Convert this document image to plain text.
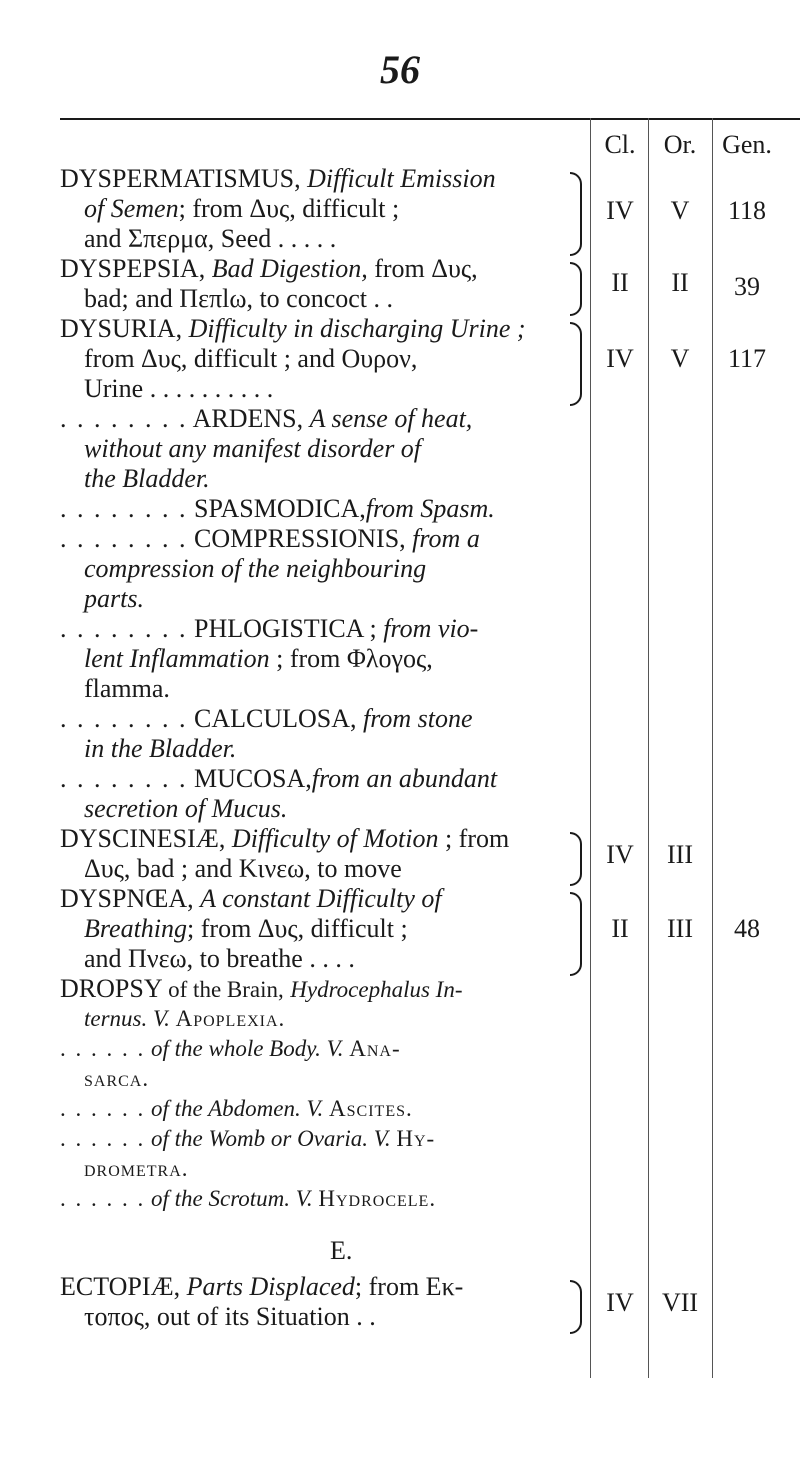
56
Cl.	Or. Gen.
DYSPERMATISMUS, Difficult Emission
of Semen; from Δυς, difficult ;
and Σπερμα, Seed . . . . .
IV	V	118
DYSPEPSIA, Bad Digestion, from Δυς,
bad; and Πεπlω, to concoct . .
II	II	39
DYSURIA, Difficulty in discharging Urine ;
from Δυς, difficult ; and Ουρον,
Urine . . . . . . . . . .
IV	V	117
. . . . . . . . ARDENS, A sense of heat,
without any manifest disorder of
the Bladder.
. . . . . . . . SPASMODICA,from Spasm.
. . . . . . . . COMPRESSIONIS, from a
compression of the neighbouring
parts.
. . . . . . . . PHLOGISTICA ; from vio-
lent Inflammation ; from Φλογος,
flamma.
. . . . . . . . CALCULOSA, from stone
in the Bladder.
. . . . . . . . MUCOSA,from an abundant
secretion of Mucus.
DYSCINESIÆ, Difficulty of Motion ; from
Δυς, bad ; and Κινεω, to move	IV	III
DYSPNŒA, A constant Difficulty of
Breathing; from Δυς, difficult ;
and Πνεω, to breathe . . . .
II	III	48
DROPSY of the Brain, Hydrocephalus In-
ternus. V. Apoplexia.
. . . . . . of the whole Body. V. Ana-
sarca.
. . . . . . of the Abdomen. V. Ascites.
. . . . . . of the Womb or Ovaria. V. Hy-
drometra.
. . . . . . of the Scrotum. V. Hydrocele.
E.
ECTOPIÆ, Parts Displaced; from Εκ-
τοπος, out of its Situation . .	IV	VII
